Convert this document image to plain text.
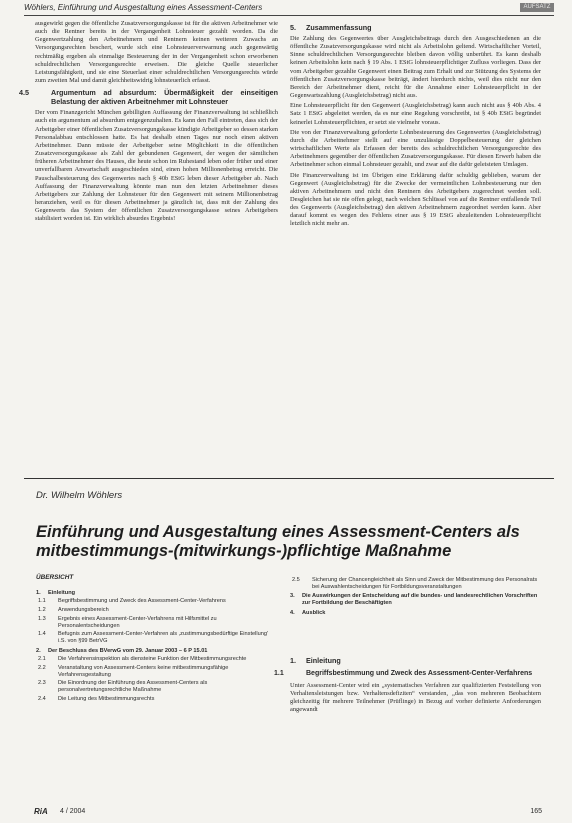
Wöhlers, Einführung und Ausgestaltung eines Assessment-Centers	AUFSATZ

ausgewirkt gegen die öffentliche Zusatzversorgungskasse ist für die aktiven Arbeitnehmer wie auch die Rentner bereits in der Vergangenheit Lohnsteuer gezahlt worden. Da die Gegenwertzahlung den Arbeitnehmern und Rentnern keinen weiteren Zuwachs an Versorgungsrechten beschert, wurde sich eine Lohnsteuerverwarnung auch gegenwärtig rechtmäßig ergeben als einmalige Besteuerung der in der Vergangenheit schon erworbenen schuldrechtlichen Versorgungsrechte erweisen. Die gleiche Quelle steuerlicher Leistungsfähigkeit, und sie eine Steuerlast einer schuldrechtlichen Versorgungsrechts würde zum zweiten Mal und damit gleichheitswidrig lohnsteuerlich erfasst.

4.5	Argumentum ad absurdum: Übermäßigkeit der einseitigen Belastung der aktiven Arbeitnehmer mit Lohnsteuer

Der vom Finanzgericht München gebilligten Auffassung der Finanzverwaltung ist schließlich auch ein argumentum ad absurdum entgegenzuhalten. Es kann den Fall eintreten, dass sich der Arbeitgeber einer öffentlichen Zusatzversorgungskasse kündigte Arbeitgeber so dessen starken Personalabbau entschlossen hatte. Es hat deshalb einen Tages nur noch einen aktiven Arbeitnehmer. Dann müsste der Arbeitgeber seine Möglichkeit in die öffentlichen Zusatzversorgungskasse als Zahl der gebundenen Gegenwert, der wegen der sämtlichen früheren Arbeitnehmer des Hauses, die heute schon im Ruhestand leben oder früher und einer unverfallbaren Anwartschaft ausgeschieden sind, einen hohen Millionenbetrag erreicht. Die Pauschalbesteuerung des Gegenwertes nach § 40b EStG leben dieser Arbeitgeber ab. Nach Auffassung der Finanzverwaltung könnte man nun den letzten Arbeitnehmer dieses Arbeitgebers zur Zahlung der Lohnsteuer für den Gegenwert mit seinem Millionenbetrag heranziehen, weil es für diesen Arbeitnehmer ja gänzlich ist, dass mit der Zahlung des Gegenwerts das System der öffentlichen Zusatzversorgungskasse seines Arbeitgebers stabilisiert worden ist. Ein wirklich absurdes Ergebnis!

5. Zusammenfassung

Die Zahlung des Gegenwertes über Ausgleichsbeitrags durch den Ausgeschiedenen an die öffentliche Zusatzversorgungskasse wird nicht als Arbeitslohn geltend. Wirtschaftlicher Vorteil, Sinne schuldrechtlichen Versorgungsrechte bleiben davon völlig unberührt. Es kann deshalb keinen Arbeitslohn kein nach § 19 Abs. 1 EStG lohnsteuerpflichtiger Zufluss vorliegen. Dass der vom Arbeitgeber gezahlte Gegenwert einen Beitrag zum Erhalt und zur Stützung des Systems der öffentlichen Zusatzversorgungskasse beiträgt, ändert hierdurch nichts, weil dies nicht nur den Bereich der Arbeitnehmer dient, reicht für die Annahme einer Lohnsteuerpflicht in der Gegenwartszahlung (Ausgleichsbetrag) nicht aus.

Eine Lohnsteuerpflicht für den Gegenwert (Ausgleichsbetrag) kann auch nicht aus § 40b Abs. 4 Satz 1 EStG abgeleitet werden, da es nur eine Regelung vorschreibt, ist § 40b EStG begründet keinerlei Lohnsteuerpflichten, er setzt sie vielmehr voraus.

Die von der Finanzverwaltung geforderte Lohnbesteuerung des Gegenwertes (Ausgleichsbetrag) durch die Arbeitnehmer stellt auf eine unzulässige Doppelbesteuerung der gleichen wirtschaftlichen Werte als Erfassen der bereits des schuldrechtlichen Versorgungsrechte des Arbeitnehmers gegenüber der öffentlichen Zusatzversorgungskasse. Für diesen Erwerb haben die Arbeitnehmer schon einmal Lohnsteuer gezahlt, und zwar auf die dafür geleisteten Umlagen.

Die Finanzverwaltung ist im Übrigen eine Erklärung dafür schuldig geblieben, warum der Gegenwert (Ausgleichsbetrag) für die Zwecke der vermeintlichen Lohnbesteuerung nur den aktiven Arbeitnehmern und nicht den Rentnern des Arbeitgebers zugerechnet werden soll. Desgleichen hat sie nie offen gelegt, nach welchen Schlüssel von auf die Rentner entfallende Teil des Gegenwerts (Ausgleichsbetrag) den aktiven Arbeitnehmern zugeordnet werden kann. Aber darauf kommt es wegen des Fehlens einer aus § 19 EStG abzuleitenden Lohnsteuerpflicht letztlich nicht mehr an.

Dr. Wilhelm Wöhlers
Einführung und Ausgestaltung eines Assessment-Centers als mitbestimmungs-(mitwirkungs-)pflichtige Maßnahme
ÜBERSICHT
1. Einleitung
1.1 Begriffsbestimmung und Zweck des Assessment-Center-Verfahrens
1.2 Anwendungsbereich
1.3 Ergebnis eines Assessment-Center-Verfahrens mit Hilfsmittel zu Personalentscheidungen
1.4 Befugnis zum Assessment-Center-Verfahren als ,zustimmungsbedürftige Einstellung' i.S. von §99 BetrVG
2. Der Beschluss des BVerwG vom 29. Januar 2003 – 6 P 15.01
2.1 Die Verfahrensinspektion als diensteine Funktion der Mitbestimmungsrechte
2.2 Veranstaltung von Assessment-Centers keine mitbestimmungsfähige Verfahrensgestaltung
2.3 Die Einordnung der Einführung des Assessment-Centers als personalvertretungsrechtliche Maßnahme
2.4 Die Leitung des Mitbestimmungsrechts
2.5 Sicherung der Chancengleichheit als Sinn und Zweck der Mitbestimmung des Personalrats bei Auswahlentscheidungen für Fortbildungsveranstaltungen
3. Die Auswirkungen der Entscheidung auf die bundes- und landesrechtlichen Vorschriften zur Fortbildung der Beschäftigten
4. Ausblick
1. Einleitung
1.1	Begriffsbestimmung und Zweck des Assessment-Center-Verfahrens

Unter Assessment-Center wird ein „systematisches Verfahren zur qualifizierten Feststellung von Verhaltensleistungen bzw. Verhaltensdefiziten“ verstanden, „das von mehreren Beobachtern gleichzeitig für mehrere Teilnehmer (Prüflinge) in Bezug auf vorher definierte Anforderungen angewandt

RiA 4 / 2004	165
